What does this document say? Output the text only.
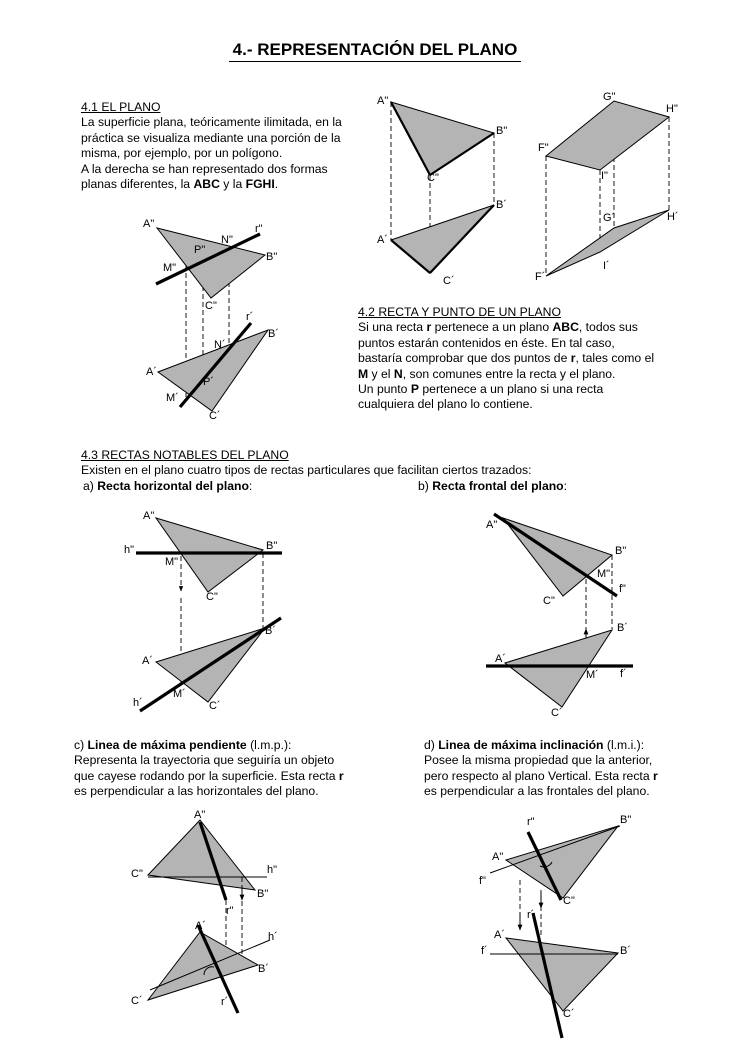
4.- REPRESENTACIÓN DEL PLANO
4.1 EL PLANO
La superficie plana, teóricamente ilimitada, en la
práctica se visualiza mediante una porción de la
misma, por ejemplo, por un polígono.
A la derecha se han representado dos formas
planas diferentes, la ABC y la FGHI.
4.2 RECTA Y PUNTO DE UN PLANO
Si una recta r pertenece a un plano ABC, todos sus
puntos estarán contenidos en éste. En tal caso,
bastaría comprobar que dos puntos de r, tales como el
M y el N, son comunes entre la recta y el plano.
Un punto P pertenece a un plano si una recta
cualquiera del plano lo contiene.
4.3 RECTAS NOTABLES DEL PLANO
Existen en el plano cuatro tipos de rectas particulares que facilitan ciertos trazados:
a) Recta horizontal del plano:	b) Recta frontal del plano:
c) Linea de máxima pendiente (l.m.p.):
Representa la trayectoria que seguiría un objeto
que cayese rodando por la superficie. Esta recta r
es perpendicular a las horizontales del plano.
d) Linea de máxima inclinación (l.m.i.):
Posee la misma propiedad que la anterior,
pero respecto al plano Vertical. Esta recta r
es perpendicular a las frontales del plano.
A"
B"
C"
A´
B´
C´
G"
H"
F"
I"
G´	H´
I´
F´
A"	r"
N"
P"
B"
M"
C"
r´
B´
N´
A´
P´
M´
C´
A"
B"
h"
M"
C"
B´
A´
M´
h´	C´
A"
B"
M"
f"
C"
B´
A´
M´ f´
C´
A"
h"
C"
B"
r"
A´
h´
B´
C´	r´
r"	B"
A"
f"
C"
r´
A´
f´	B´
C´
